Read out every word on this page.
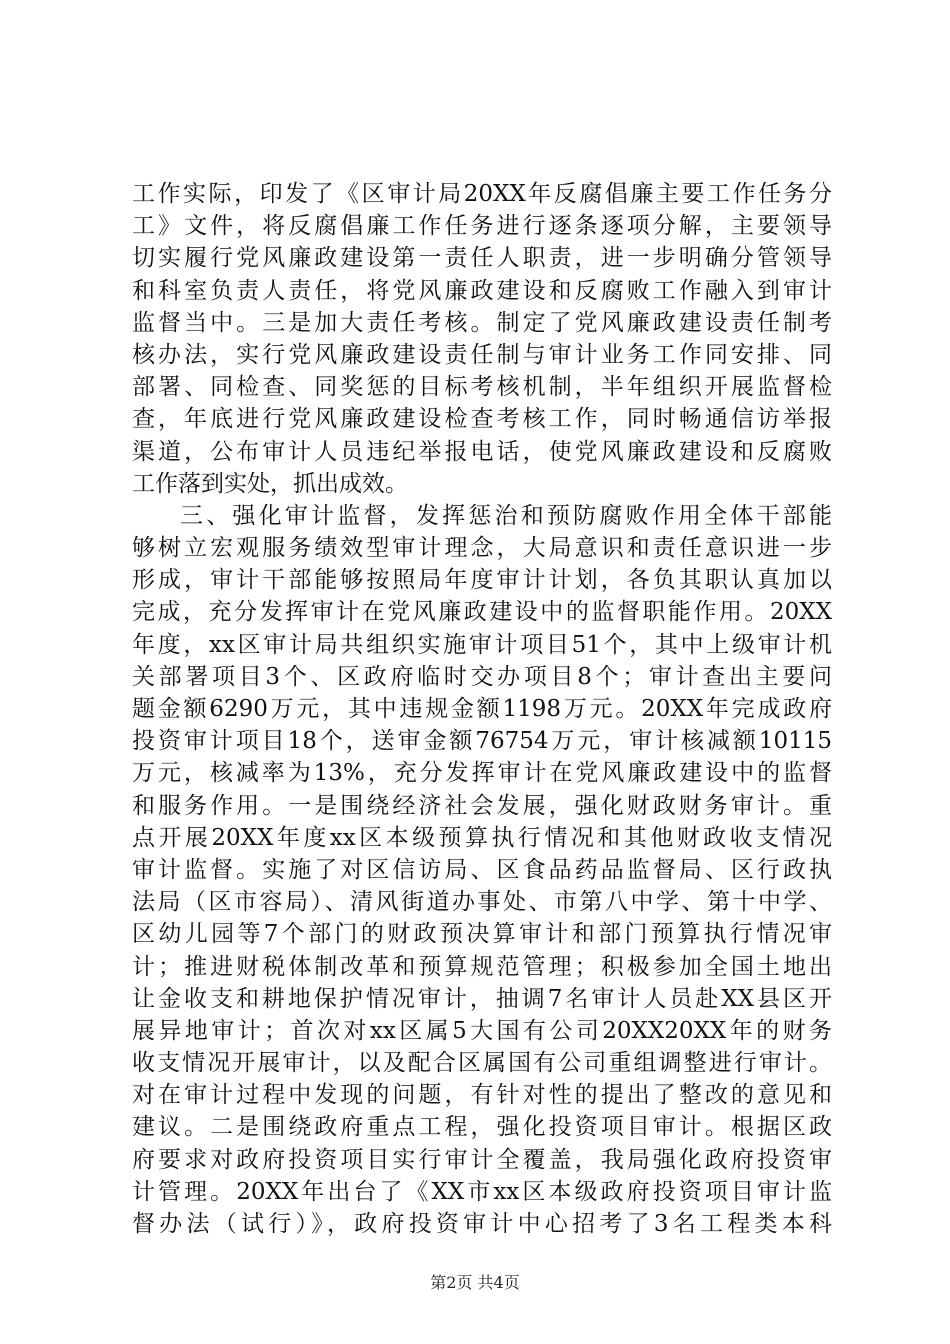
工作实际，印发了《区审计局20XX年反腐倡廉主要工作任务分
工》文件，将反腐倡廉工作任务进行逐条逐项分解，主要领导
切实履行党风廉政建设第一责任人职责，进一步明确分管领导
和科室负责人责任，将党风廉政建设和反腐败工作融入到审计
监督当中。三是加大责任考核。制定了党风廉政建设责任制考
核办法，实行党风廉政建设责任制与审计业务工作同安排、同
部署、同检查、同奖惩的目标考核机制，半年组织开展监督检
查，年底进行党风廉政建设检查考核工作，同时畅通信访举报
渠道，公布审计人员违纪举报电话，使党风廉政建设和反腐败
工作落到实处，抓出成效。
三、强化审计监督，发挥惩治和预防腐败作用全体干部能
够树立宏观服务绩效型审计理念，大局意识和责任意识进一步
形成，审计干部能够按照局年度审计计划，各负其职认真加以
完成，充分发挥审计在党风廉政建设中的监督职能作用。20XX
年度，xx区审计局共组织实施审计项目51个，其中上级审计机
关部署项目3个、区政府临时交办项目8个；审计查出主要问
题金额6290万元，其中违规金额1198万元。20XX年完成政府
投资审计项目18个，送审金额76754万元，审计核减额10115
万元，核减率为13%，充分发挥审计在党风廉政建设中的监督
和服务作用。一是围绕经济社会发展，强化财政财务审计。重
点开展20XX年度xx区本级预算执行情况和其他财政收支情况
审计监督。实施了对区信访局、区食品药品监督局、区行政执
法局（区市容局）、清风街道办事处、市第八中学、第十中学、
区幼儿园等7个部门的财政预决算审计和部门预算执行情况审
计；推进财税体制改革和预算规范管理；积极参加全国土地出
让金收支和耕地保护情况审计，抽调7名审计人员赴XX县区开
展异地审计；首次对xx区属5大国有公司20XX20XX年的财务
收支情况开展审计，以及配合区属国有公司重组调整进行审计。
对在审计过程中发现的问题，有针对性的提出了整改的意见和
建议。二是围绕政府重点工程，强化投资项目审计。根据区政
府要求对政府投资项目实行审计全覆盖，我局强化政府投资审
计管理。20XX年出台了《XX市xx区本级政府投资项目审计监
督办法（试行）》，政府投资审计中心招考了3名工程类本科
第2页 共4页
